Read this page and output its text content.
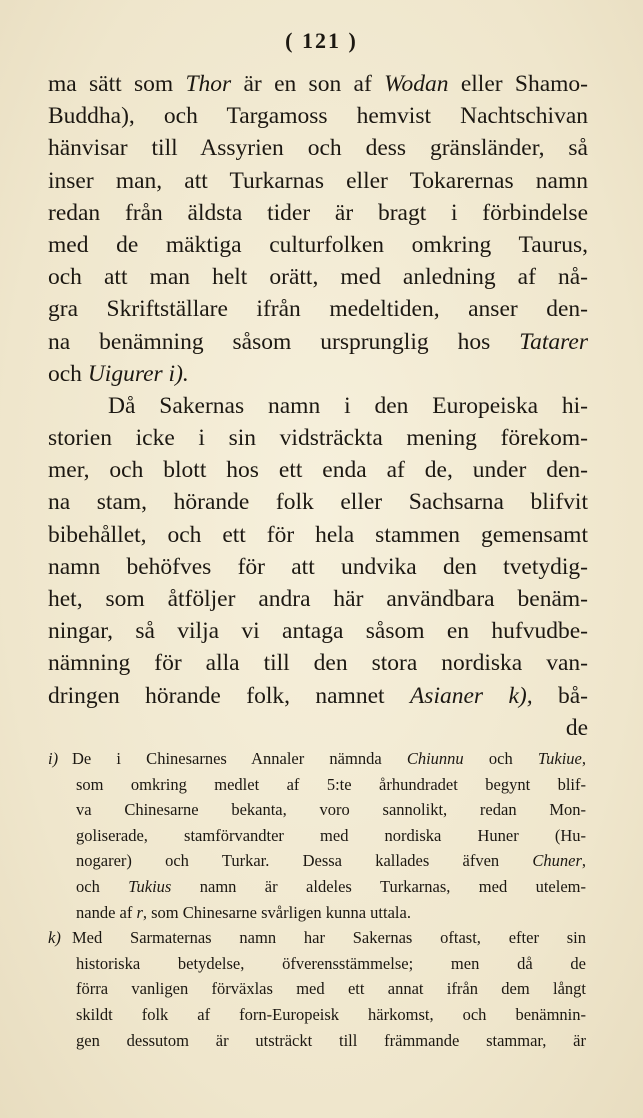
( 121 )
ma sätt som Thor är en son af Wodan eller Shamo-
Buddha), och Targamoss hemvist Nachtschivan
hänvisar till Assyrien och dess gränsländer, så
inser man, att Turkarnas eller Tokarernas namn
redan från äldsta tider är bragt i förbindelse
med de mäktiga culturfolken omkring Taurus,
och att man helt orätt, med anledning af nå-
gra Skriftställare ifrån medeltiden, anser den-
na benämning såsom ursprunglig hos Tatarer
och Uigurer i).
Då Sakernas namn i den Europeiska hi-
storien icke i sin vidsträckta mening förekom-
mer, och blott hos ett enda af de, under den-
na stam, hörande folk eller Sachsarna blifvit
bibehållet, och ett för hela stammen gemensamt
namn behöfves för att undvika den tvetydig-
het, som åtföljer andra här användbara benäm-
ningar, så vilja vi antaga såsom en hufvudbe-
nämning för alla till den stora nordiska van-
dringen hörande folk, namnet Asianer k), bå-
de
i) De i Chinesarnes Annaler nämnda Chiunnu och Tukiue,
som omkring medlet af 5:te århundradet begynt blif-
va Chinesarne bekanta, voro sannolikt, redan Mon-
goliserade, stamförvandter med nordiska Huner (Hu-
nogarer) och Turkar. Dessa kallades äfven Chuner,
och Tukius namn är aldeles Turkarnas, med utelem-
nande af r, som Chinesarne svårligen kunna uttala.
k) Med Sarmaternas namn har Sakernas oftast, efter sin
historiska betydelse, öfverensstämmelse; men då de
förra vanligen förväxlas med ett annat ifrån dem långt
skildt folk af forn-Europeisk härkomst, och benämnin-
gen dessutom är utsträckt till främmande stammar, är
